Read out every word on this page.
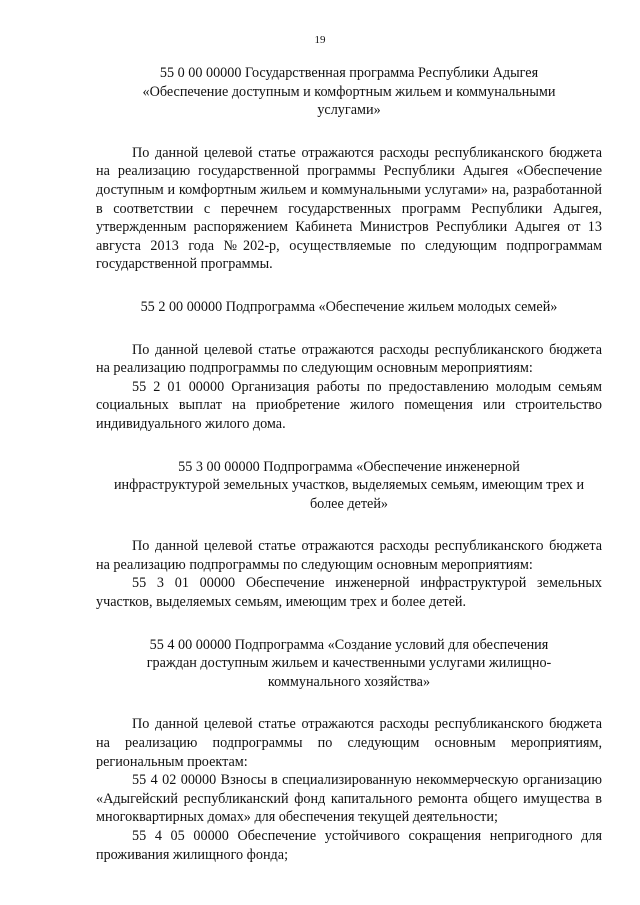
19

55 0 00 00000 Государственная программа Республики Адыгея
«Обеспечение доступным и комфортным жильем и коммунальными
услугами»

По данной целевой статье отражаются расходы республиканского бюджета на реализацию государственной программы Республики Адыгея «Обеспечение доступным и комфортным жильем и коммунальными услугами» на, разработанной в соответствии с перечнем государственных программ Республики Адыгея, утвержденным распоряжением Кабинета Министров Республики Адыгея от 13 августа 2013 года №202-р, осуществляемые по следующим подпрограммам государственной программы.

55 2 00 00000 Подпрограмма «Обеспечение жильем молодых семей»

По данной целевой статье отражаются расходы республиканского бюджета на реализацию подпрограммы по следующим основным мероприятиям:

55 2 01 00000 Организация работы по предоставлению молодым семьям социальных выплат на приобретение жилого помещения или строительство индивидуального жилого дома.

55 3 00 00000 Подпрограмма «Обеспечение инженерной
инфраструктурой земельных участков, выделяемых семьям, имеющим трех и
более детей»

По данной целевой статье отражаются расходы республиканского бюджета на реализацию подпрограммы по следующим основным мероприятиям:

55 3 01 00000 Обеспечение инженерной инфраструктурой земельных участков, выделяемых семьям, имеющим трех и более детей.

55 4 00 00000 Подпрограмма «Создание условий для обеспечения
граждан доступным жильем и качественными услугами жилищно-
коммунального хозяйства»

По данной целевой статье отражаются расходы республиканского бюджета на реализацию подпрограммы по следующим основным мероприятиям, региональным проектам:

55 4 02 00000 Взносы в специализированную некоммерческую организацию «Адыгейский республиканский фонд капитального ремонта общего имущества в многоквартирных домах» для обеспечения текущей деятельности;

55 4 05 00000 Обеспечение устойчивого сокращения непригодного для проживания жилищного фонда;
